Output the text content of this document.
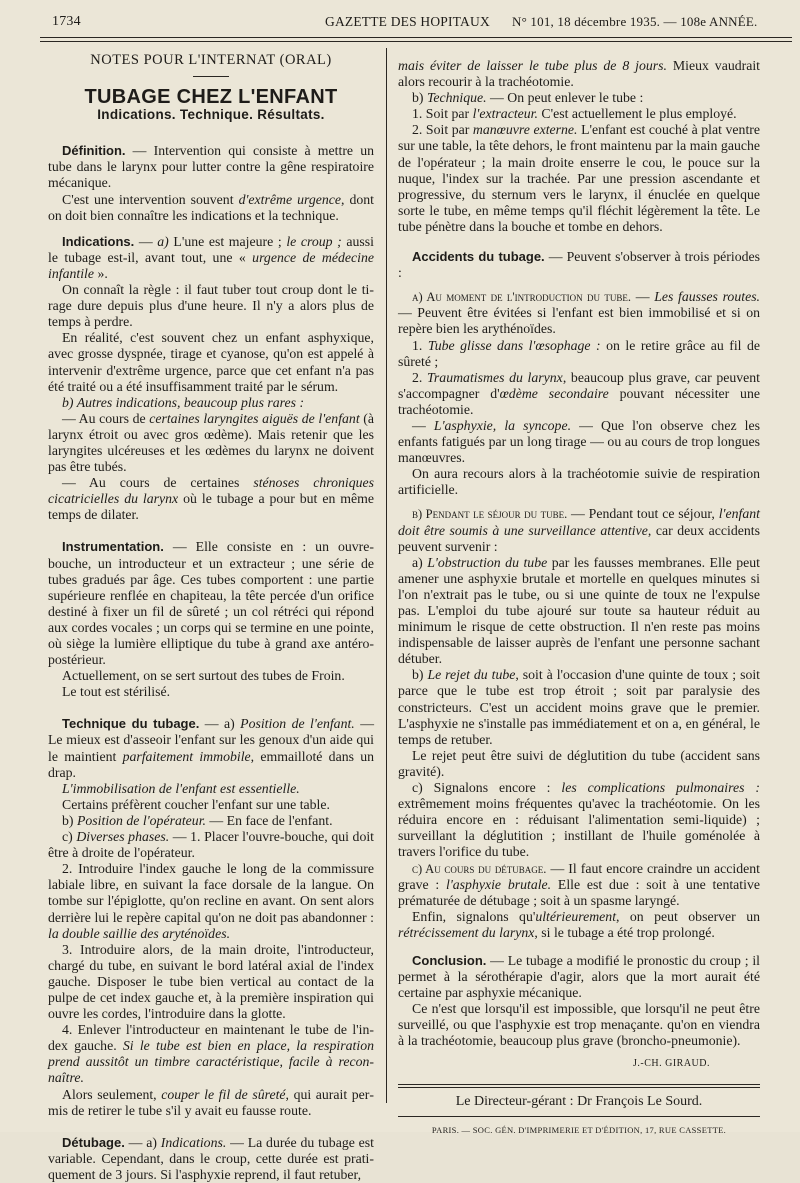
1734	GAZETTE DES HOPITAUX N° 101, 18 décembre 1935. — 108e ANNÉE.

NOTES POUR L'INTERNAT (ORAL)

TUBAGE CHEZ L'ENFANT

Indications. Technique. Résultats.

Définition. — Intervention qui consiste à mettre un tube dans le larynx pour lutter contre la gêne respiratoire mécanique.

C'est une intervention souvent d'extrême urgence, dont on doit bien connaître les indications et la technique.

Indications. — a) L'une est majeure ; le croup ; aussi le tubage est-il, avant tout, une « urgence de médecine infantile ».

On connaît la règle : il faut tuber tout croup dont le tirage dure depuis plus d'une heure. Il n'y a alors plus de temps à perdre.

En réalité, c'est souvent chez un enfant asphyxique, avec grosse dyspnée, tirage et cyanose, qu'on est appelé à intervenir d'extrême urgence, parce que cet enfant n'a pas été traité ou a été insuffisamment traité par le sérum.

b) Autres indications, beaucoup plus rares :

— Au cours de certaines laryngites aiguës de l'enfant (à larynx étroit ou avec gros œdème). Mais retenir que les laryngites ulcéreuses et les œdèmes du larynx ne doivent pas être tubés.

— Au cours de certaines sténoses chroniques cicatricielles du larynx où le tubage a pour but en même temps de dilater.

Instrumentation. — Elle consiste en : un ouvre-bouche, un introducteur et un extracteur ; une série de tubes gradués par âge. Ces tubes comportent : une partie supérieure renflée en chapiteau, la tête percée d'un orifice destiné à fixer un fil de sûreté ; un col rétréci qui répond aux cordes vocales ; un corps qui se termine en une pointe, où siège la lumière elliptique du tube à grand axe antéro-postérieur.

Actuellement, on se sert surtout des tubes de Froin.

Le tout est stérilisé.

Technique du tubage. — a) Position de l'enfant. — Le mieux est d'asseoir l'enfant sur les genoux d'un aide qui le maintient parfaitement immobile, emmailloté dans un drap.

L'immobilisation de l'enfant est essentielle.

Certains préfèrent coucher l'enfant sur une table.

b) Position de l'opérateur. — En face de l'enfant.

c) Diverses phases. — 1. Placer l'ouvre-bouche, qui doit être à droite de l'opérateur.

2. Introduire l'index gauche le long de la commissure labiale libre, en suivant la face dorsale de la langue. On tombe sur l'épiglotte, qu'on recline en avant. On sent alors derrière lui le repère capital qu'on ne doit pas abandonner : la double saillie des aryténoïdes.

3. Introduire alors, de la main droite, l'introducteur, chargé du tube, en suivant le bord latéral axial de l'index gauche. Disposer le tube bien vertical au contact de la pulpe de cet index gauche et, à la première inspiration qui ouvre les cordes, l'introduire dans la glotte.

4. Enlever l'introducteur en maintenant le tube de l'index gauche. Si le tube est bien en place, la respiration prend aussitôt un timbre caractéristique, facile à reconnaître.

Alors seulement, couper le fil de sûreté, qui aurait permis de retirer le tube s'il y avait eu fausse route.

Détubage. — a) Indications. — La durée du tubage est variable. Cependant, dans le croup, cette durée est pratiquement de 3 jours. Si l'asphyxie reprend, il faut retuber,

mais éviter de laisser le tube plus de 8 jours. Mieux vaudrait alors recourir à la trachéotomie.

b) Technique. — On peut enlever le tube :

1. Soit par l'extracteur. C'est actuellement le plus employé.

2. Soit par manœuvre externe. L'enfant est couché à plat ventre sur une table, la tête dehors, le front maintenu par la main gauche de l'opérateur ; la main droite enserre le cou, le pouce sur la nuque, l'index sur la trachée. Par une pression ascendante et progressive, du sternum vers le larynx, il énuclée en quelque sorte le tube, en même temps qu'il fléchit légèrement la tête. Le tube pénètre dans la bouche et tombe en dehors.

Accidents du tubage. — Peuvent s'observer à trois périodes :

a) Au moment de l'introduction du tube. — Les fausses routes. — Peuvent être évitées si l'enfant est bien immobilisé et si on repère bien les arythénoïdes.

1. Tube glisse dans l'œsophage : on le retire grâce au fil de sûreté ;

2. Traumatismes du larynx, beaucoup plus grave, car peuvent s'accompagner d'œdème secondaire pouvant nécessiter une trachéotomie.

— L'asphyxie, la syncope. — Que l'on observe chez les enfants fatigués par un long tirage — ou au cours de trop longues manœuvres.

On aura recours alors à la trachéotomie suivie de respiration artificielle.

b) Pendant le séjour du tube. — Pendant tout ce séjour, l'enfant doit être soumis à une surveillance attentive, car deux accidents peuvent survenir :

a) L'obstruction du tube par les fausses membranes. Elle peut amener une asphyxie brutale et mortelle en quelques minutes si l'on n'extrait pas le tube, ou si une quinte de toux ne l'expulse pas. L'emploi du tube ajouré sur toute sa hauteur réduit au minimum le risque de cette obstruction. Il n'en reste pas moins indispensable de laisser auprès de l'enfant une personne sachant détuber.

b) Le rejet du tube, soit à l'occasion d'une quinte de toux ; soit parce que le tube est trop étroit ; soit par paralysie des constricteurs. C'est un accident moins grave que le premier. L'asphyxie ne s'installe pas immédiatement et on a, en général, le temps de retuber.

Le rejet peut être suivi de déglutition du tube (accident sans gravité).

c) Signalons encore : les complications pulmonaires : extrêmement moins fréquentes qu'avec la trachéotomie. On les réduira encore en : réduisant l'alimentation semi-liquide) ; surveillant la déglutition ; instillant de l'huile goménolée à travers l'orifice du tube.

c) Au cours du détubage. — Il faut encore craindre un accident grave : l'asphyxie brutale. Elle est due : soit à une tentative prématurée de détubage ; soit à un spasme laryngé.

Enfin, signalons qu'ultérieurement, on peut observer un rétrécissement du larynx, si le tubage a été trop prolongé.

Conclusion. — Le tubage a modifié le pronostic du croup ; il permet à la sérothérapie d'agir, alors que la mort aurait été certaine par asphyxie mécanique.

Ce n'est que lorsqu'il est impossible, que lorsqu'il ne peut être surveillé, ou que l'asphyxie est trop menaçante. qu'on en viendra à la trachéotomie, beaucoup plus grave (broncho-pneumonie).

J.-CH. GIRAUD.
Le Directeur-gérant : Dr François Le Sourd.
PARIS. — SOC. GÉN. D'IMPRIMERIE ET D'ÉDITION, 17, RUE CASSETTE.
